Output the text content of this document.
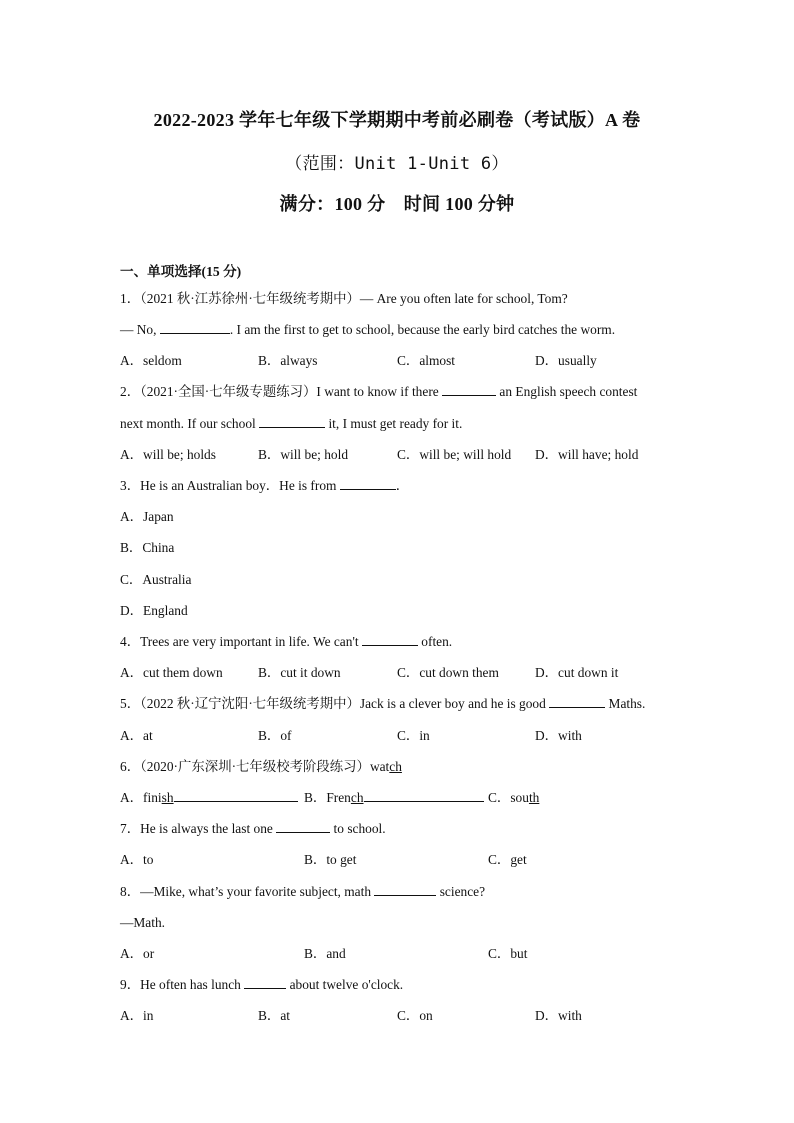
2022-2023 学年七年级下学期期中考前必刷卷（考试版）A 卷
（范围：Unit 1-Unit 6）
满分：100 分　时间 100 分钟
一、单项选择(15 分)
1．（2021 秋·江苏徐州·七年级统考期中）— Are you often late for school, Tom?
— No,	. I am the first to get to school, because the early bird catches the worm.
A．seldom	B．always	C．almost	D．usually
2．（2021·全国·七年级专题练习）I want to know if there	an English speech contest
next month. If our school	it, I must get ready for it.
A．will be; holds	B．will be; hold	C．will be; will hold D．will have; hold
3．He is an Australian boy．He is from	．
A．Japan
B．China
C．Australia
D．England
4．Trees are very important in life. We can't	often.
A．cut them down	B．cut it down	C．cut down them	D．cut down it
5．（2022 秋·辽宁沈阳·七年级统考期中）Jack is a clever boy and he is good	Maths.
A．at	B．of	C．in	D．with
6．（2020·广东深圳·七年级校考阶段练习）watch
A．finish	B．French	C．south
7．He is always the last one	to school.
A．to	B．to get	C．get
8．—Mike, what’s your favorite subject, math	science?
—Math.
A．or	B．and	C．but
9．He often has lunch	about twelve o'clock.
A．in	B．at	C．on	D．with
